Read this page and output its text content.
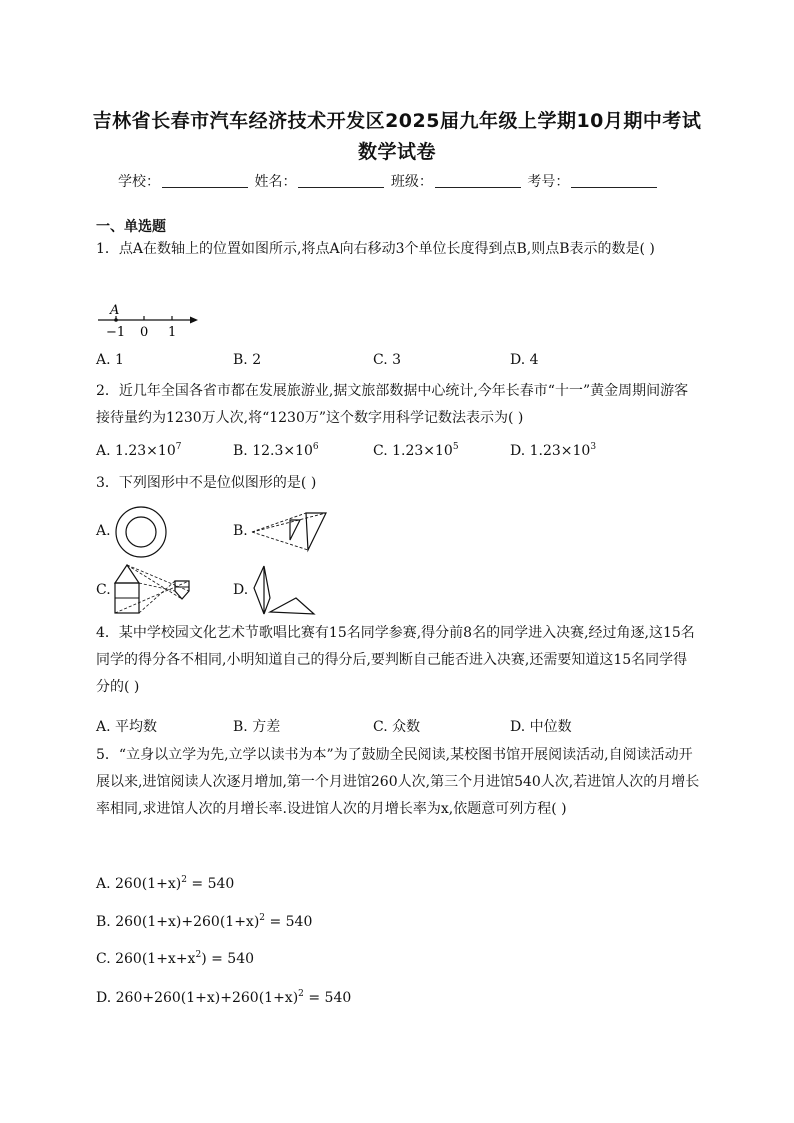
吉林省长春市汽车经济技术开发区2025届九年级上学期10月期中考试
数学试卷
学校：	姓名：	班级：	考号：
一、单选题
1．点A在数轴上的位置如图所示,将点A向右移动3个单位长度得到点B,则点B表示的数是( )
A
−1 0 1
A. 1	B. 2	C. 3	D. 4
2．近几年全国各省市都在发展旅游业,据文旅部数据中心统计,今年长春市“十一”黄金周期间游客接待量约为1230万人次,将“1230万”这个数字用科学记数法表示为( )
A. $1.23\times 10^7$	B. $12.3\times 10^6$	C. $1.23\times 10^5$	D. $1.23\times 10^3$
3．下列图形中不是位似图形的是( )
A.	B.
C.	D.
4．某中学校园文化艺术节歌唱比赛有15名同学参赛,得分前8名的同学进入决赛,经过角逐,这15名同学的得分各不相同,小明知道自己的得分后,要判断自己能否进入决赛,还需要知道这15名同学得分的( )
A. 平均数	B. 方差	C. 众数	D. 中位数
5．“立身以立学为先,立学以读书为本”为了鼓励全民阅读,某校图书馆开展阅读活动,自阅读活动开展以来,进馆阅读人次逐月增加,第一个月进馆260人次,第三个月进馆540人次,若进馆人次的月增长率相同,求进馆人次的月增长率.设进馆人次的月增长率为x,依题意可列方程( )
A. $260(1+x)^2 = 540$
B. $260(1+x)+260(1+x)^2 = 540$
C. $260(1+x+x^2) = 540$
D. $260+260(1+x)+260(1+x)^2 = 540$
